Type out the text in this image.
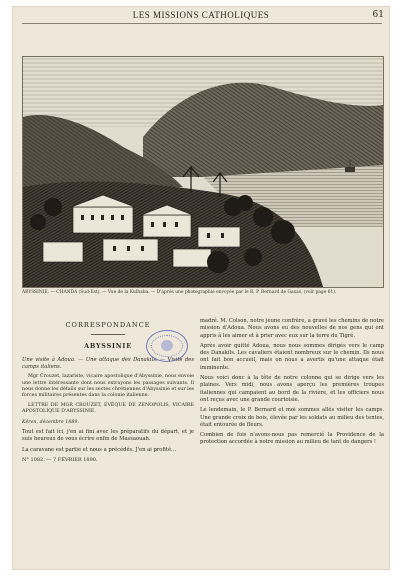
LES MISSIONS CATHOLIQUES	61
ABYSSINIE. — CHANDA (Sud-Est). — Vue de la Kulhaba. — D'après une photographie envoyée par le R. P. Bernard de Gaxas, (voir page 61).
CORRESPONDANCE
ABYSSINIE

Une visite à Adoua. — Une attaque des Danakils. — Visite des camps italiens.

Mgr Crouzet, lazariste, vicaire apostolique d'Abyssinie, nous envoie une lettre intéressante dont nous extrayons les passages suivants. Il nous donne les détails sur les sectes chrétiennes d'Abyssinie et sur les forces militaires présentes dans la colonie italienne.

LETTRE DE MGR CROUZET, ÉVÊQUE DE ZENOPOLIS, VICAIRE APOSTOLIQUE D'ABYSSINIE.

Kéren, décembre 1889.

Tout est fait ici, j'en ai fini avec les préparatifs du départ, et je suis heureux de vous écrire enfin de Massaouah.

La caravane est partie et nous a précédés. J'en ai profité…

N° 1082. — 7 FÉVRIER 1890.

madré. M. Colson, notre jeune confrère, a gravé les chemins de notre mission d'Adoua. Nous avons eu des nouvelles de nos gens qui ont appris à les aimer et à prier avec eux sur la terre du Tigré.

Après avoir quitté Adoua, nous nous sommes dirigés vers le camp des Danakils. Les cavaliers étaient nombreux sur le chemin. Ils nous ont fait bon accueil, mais on nous a avertis qu'une attaque était imminente.

Nous voici donc à la tête de notre colonne qui se dirige vers les plaines. Vers midi, nous avons aperçu les premières troupes italiennes qui campaient au bord de la rivière, et les officiers nous ont reçus avec une grande courtoisie.

Le lendemain, le P. Bernard et moi sommes allés visiter les camps. Une grande croix de bois, élevée par les soldats au milieu des tentes, était entourée de fleurs.

Combien de fois n'avons-nous pas remercié la Providence de la protection accordée à notre mission au milieu de tant de dangers !
